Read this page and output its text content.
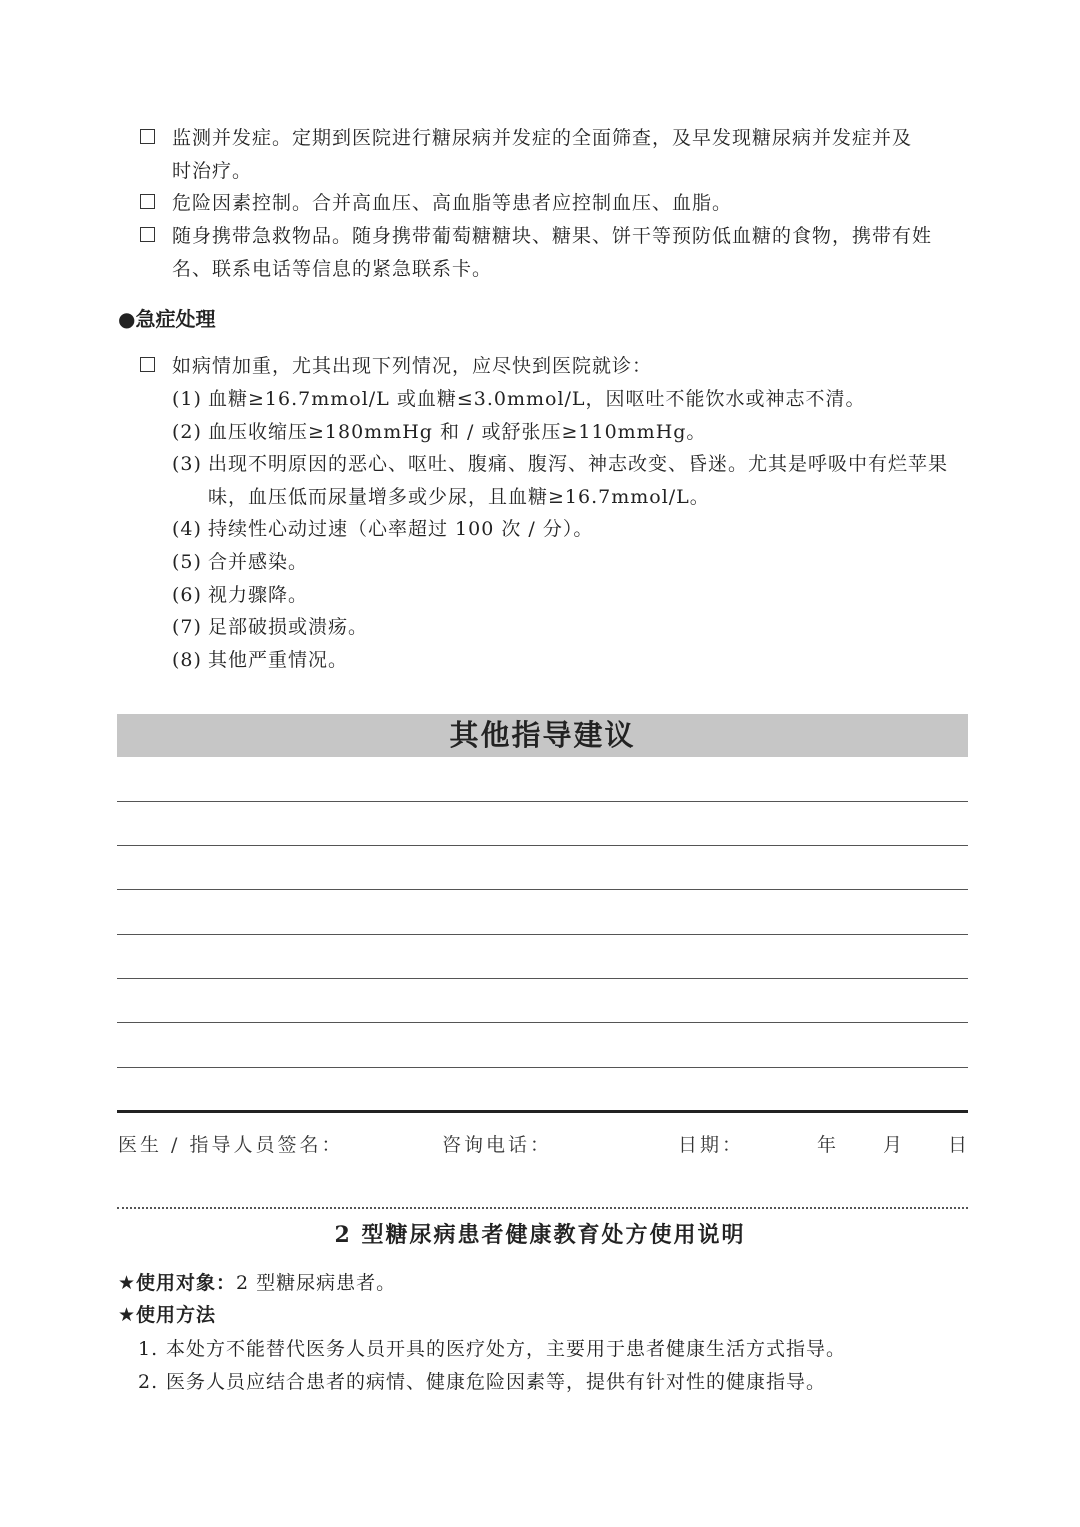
监测并发症。定期到医院进行糖尿病并发症的全面筛查，及早发现糖尿病并发症并及
时治疗。
危险因素控制。合并高血压、高血脂等患者应控制血压、血脂。
随身携带急救物品。随身携带葡萄糖糖块、糖果、饼干等预防低血糖的食物，携带有姓
名、联系电话等信息的紧急联系卡。
●急症处理
如病情加重，尤其出现下列情况，应尽快到医院就诊：
(1) 血糖≥16.7mmol/L 或血糖≤3.0mmol/L，因呕吐不能饮水或神志不清。
(2) 血压收缩压≥180mmHg 和 / 或舒张压≥110mmHg。
(3) 出现不明原因的恶心、呕吐、腹痛、腹泻、神志改变、昏迷。尤其是呼吸中有烂苹果
味，血压低而尿量增多或少尿，且血糖≥16.7mmol/L。
(4) 持续性心动过速（心率超过 100 次 / 分）。
(5) 合并感染。
(6) 视力骤降。
(7) 足部破损或溃疡。
(8) 其他严重情况。
其他指导建议
医生 / 指导人员签名：	咨询电话：	日期：	年 月 日
2 型糖尿病患者健康教育处方使用说明
★使用对象：2 型糖尿病患者。
★使用方法
1. 本处方不能替代医务人员开具的医疗处方，主要用于患者健康生活方式指导。
2. 医务人员应结合患者的病情、健康危险因素等，提供有针对性的健康指导。
